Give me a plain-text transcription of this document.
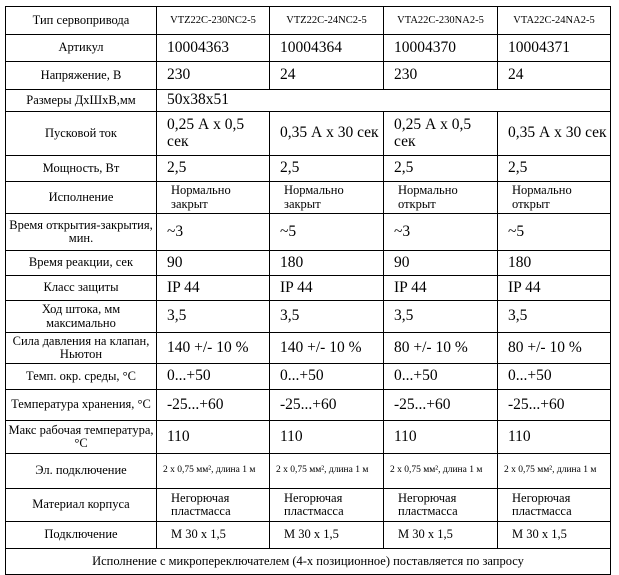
Тип сервопривода	VTZ22C-230NC2-5	VTZ22C-24NC2-5	VTA22C-230NA2-5	VTA22C-24NA2-5
Артикул	10004363	10004364	10004370	10004371
Напряжение, В	230	24	230	24
Размеры ДхШхВ,мм	50x38x51			
Пусковой ток	0,25 А х 0,5 сек	0,35 А х 30 сек	0,25 А х 0,5 сек	0,35 А х 30 сек
Мощность, Вт	2,5	2,5	2,5	2,5
Исполнение	Нормально закрыт	Нормально закрыт	Нормально открыт	Нормально открыт
Время открытия-закрытия, мин.	~3	~5	~3	~5
Время реакции, сек	90	180	90	180
Класс защиты	IP 44	IP 44	IP 44	IP 44
Ход штока, мм максимально	3,5	3,5	3,5	3,5
Сила давления на клапан, Ньютон	140 +/- 10 %	140 +/- 10 %	80 +/- 10 %	80 +/- 10 %
Темп. окр. среды, °С	0...+50	0...+50	0...+50	0...+50
Температура хранения, °С	-25...+60	-25...+60	-25...+60	-25...+60
Макс рабочая температура, °С	110	110	110	110
Эл. подключение	2 х 0,75 мм², длина 1 м	2 х 0,75 мм², длина 1 м	2 х 0,75 мм², длина 1 м	2 х 0,75 мм², длина 1 м
Материал корпуса	Негорючая пластмасса	Негорючая пластмасса	Негорючая пластмасса	Негорючая пластмасса
Подключение	М 30 х 1,5	М 30 х 1,5	М 30 х 1,5	М 30 х 1,5
Исполнение с микропереключателем (4-х позиционное) поставляется по запросу				
